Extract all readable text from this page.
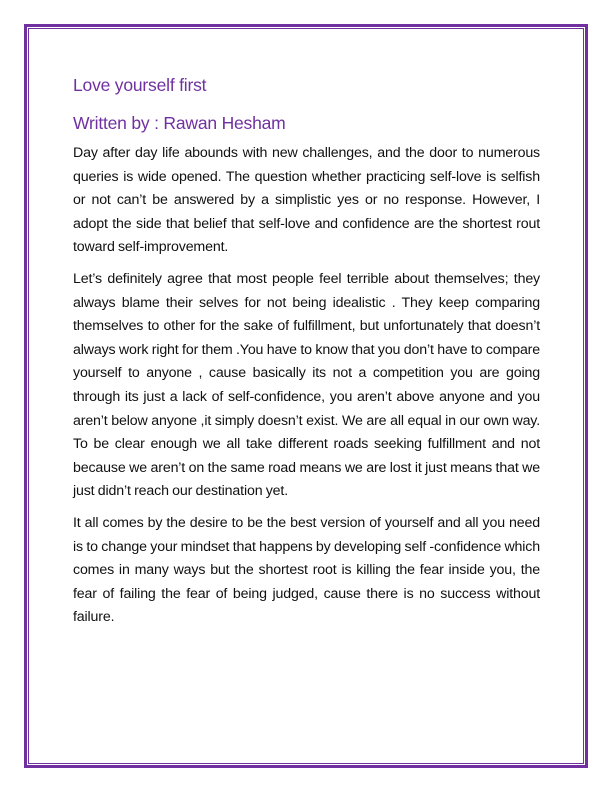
Love yourself first
Written by : Rawan Hesham

Day after day life abounds with new challenges, and the door to numerous queries is wide opened. The question whether practicing self-love is selfish or not can’t be answered by a simplistic yes or no response. However, I adopt the side that belief that self-love and confidence are the shortest rout toward self-improvement.

Let’s definitely agree that most people feel terrible about themselves; they always blame their selves for not being idealistic . They keep comparing themselves to other for the sake of fulfillment, but unfortunately that doesn’t always work right for them .You have to know that you don’t have to compare yourself to anyone , cause basically its not a competition you are going through its just a lack of self-confidence, you aren’t above anyone and you aren’t below anyone ,it simply doesn’t exist. We are all equal in our own way. To be clear enough we all take different roads seeking fulfillment and not because we aren’t on the same road means we are lost it just means that we just didn’t reach our destination yet.

It all comes by the desire to be the best version of yourself and all you need is to change your mindset that happens by developing self -confidence which comes in many ways but the shortest root is killing the fear inside you, the fear of failing the fear of being judged, cause there is no success without failure.
